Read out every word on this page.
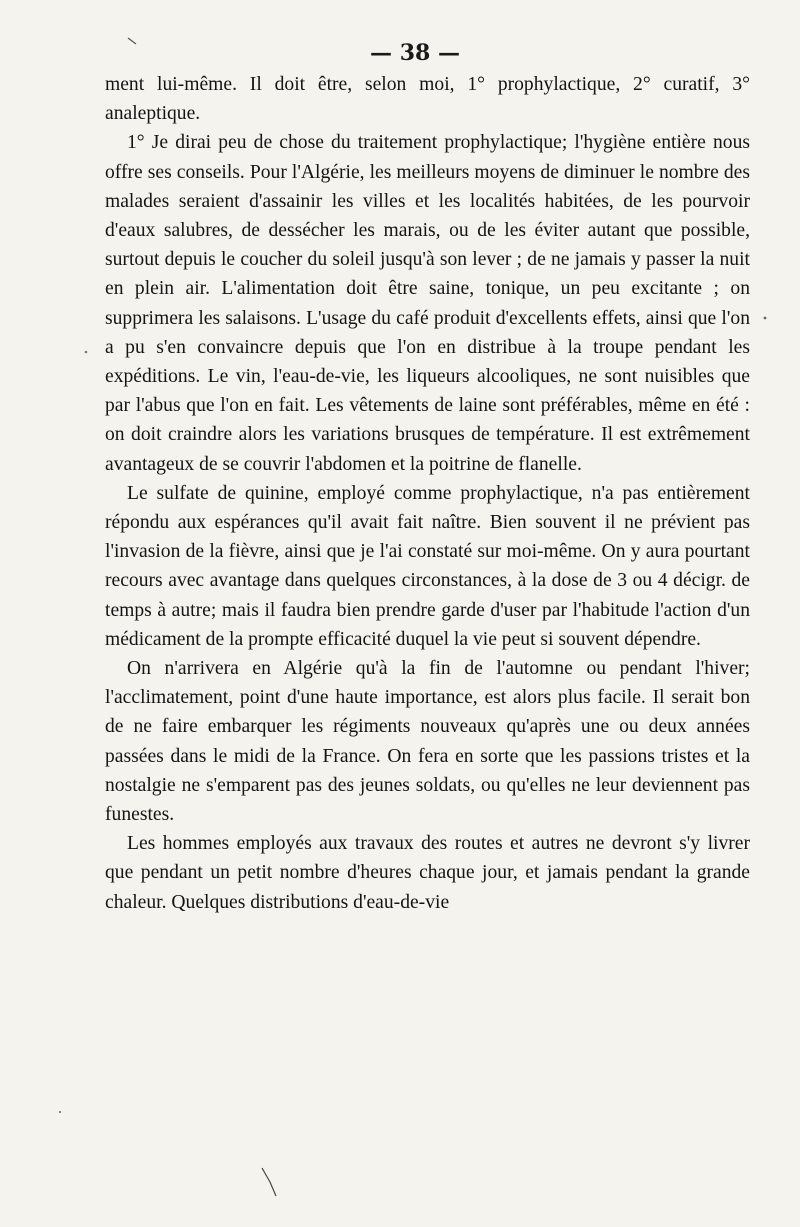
— 38 —

ment lui-même. Il doit être, selon moi, 1° prophylactique, 2° curatif, 3° analeptique.

1° Je dirai peu de chose du traitement prophylactique; l'hygiène entière nous offre ses conseils. Pour l'Algérie, les meilleurs moyens de diminuer le nombre des malades seraient d'assainir les villes et les localités habitées, de les pourvoir d'eaux salubres, de dessécher les marais, ou de les éviter autant que possible, surtout depuis le coucher du soleil jusqu'à son lever ; de ne jamais y passer la nuit en plein air. L'alimentation doit être saine, tonique, un peu excitante ; on supprimera les salaisons. L'usage du café produit d'excellents effets, ainsi que l'on a pu s'en convaincre depuis que l'on en distribue à la troupe pendant les expéditions. Le vin, l'eau-de-vie, les liqueurs alcooliques, ne sont nuisibles que par l'abus que l'on en fait. Les vêtements de laine sont préférables, même en été : on doit craindre alors les variations brusques de température. Il est extrêmement avantageux de se couvrir l'abdomen et la poitrine de flanelle.

Le sulfate de quinine, employé comme prophylactique, n'a pas entièrement répondu aux espérances qu'il avait fait naître. Bien souvent il ne prévient pas l'invasion de la fièvre, ainsi que je l'ai constaté sur moi-même. On y aura pourtant recours avec avantage dans quelques circonstances, à la dose de 3 ou 4 décigr. de temps à autre; mais il faudra bien prendre garde d'user par l'habitude l'action d'un médicament de la prompte efficacité duquel la vie peut si souvent dépendre.

On n'arrivera en Algérie qu'à la fin de l'automne ou pendant l'hiver; l'acclimatement, point d'une haute importance, est alors plus facile. Il serait bon de ne faire embarquer les régiments nouveaux qu'après une ou deux années passées dans le midi de la France. On fera en sorte que les passions tristes et la nostalgie ne s'emparent pas des jeunes soldats, ou qu'elles ne leur deviennent pas funestes.

Les hommes employés aux travaux des routes et autres ne devront s'y livrer que pendant un petit nombre d'heures chaque jour, et jamais pendant la grande chaleur. Quelques distributions d'eau-de-vie
